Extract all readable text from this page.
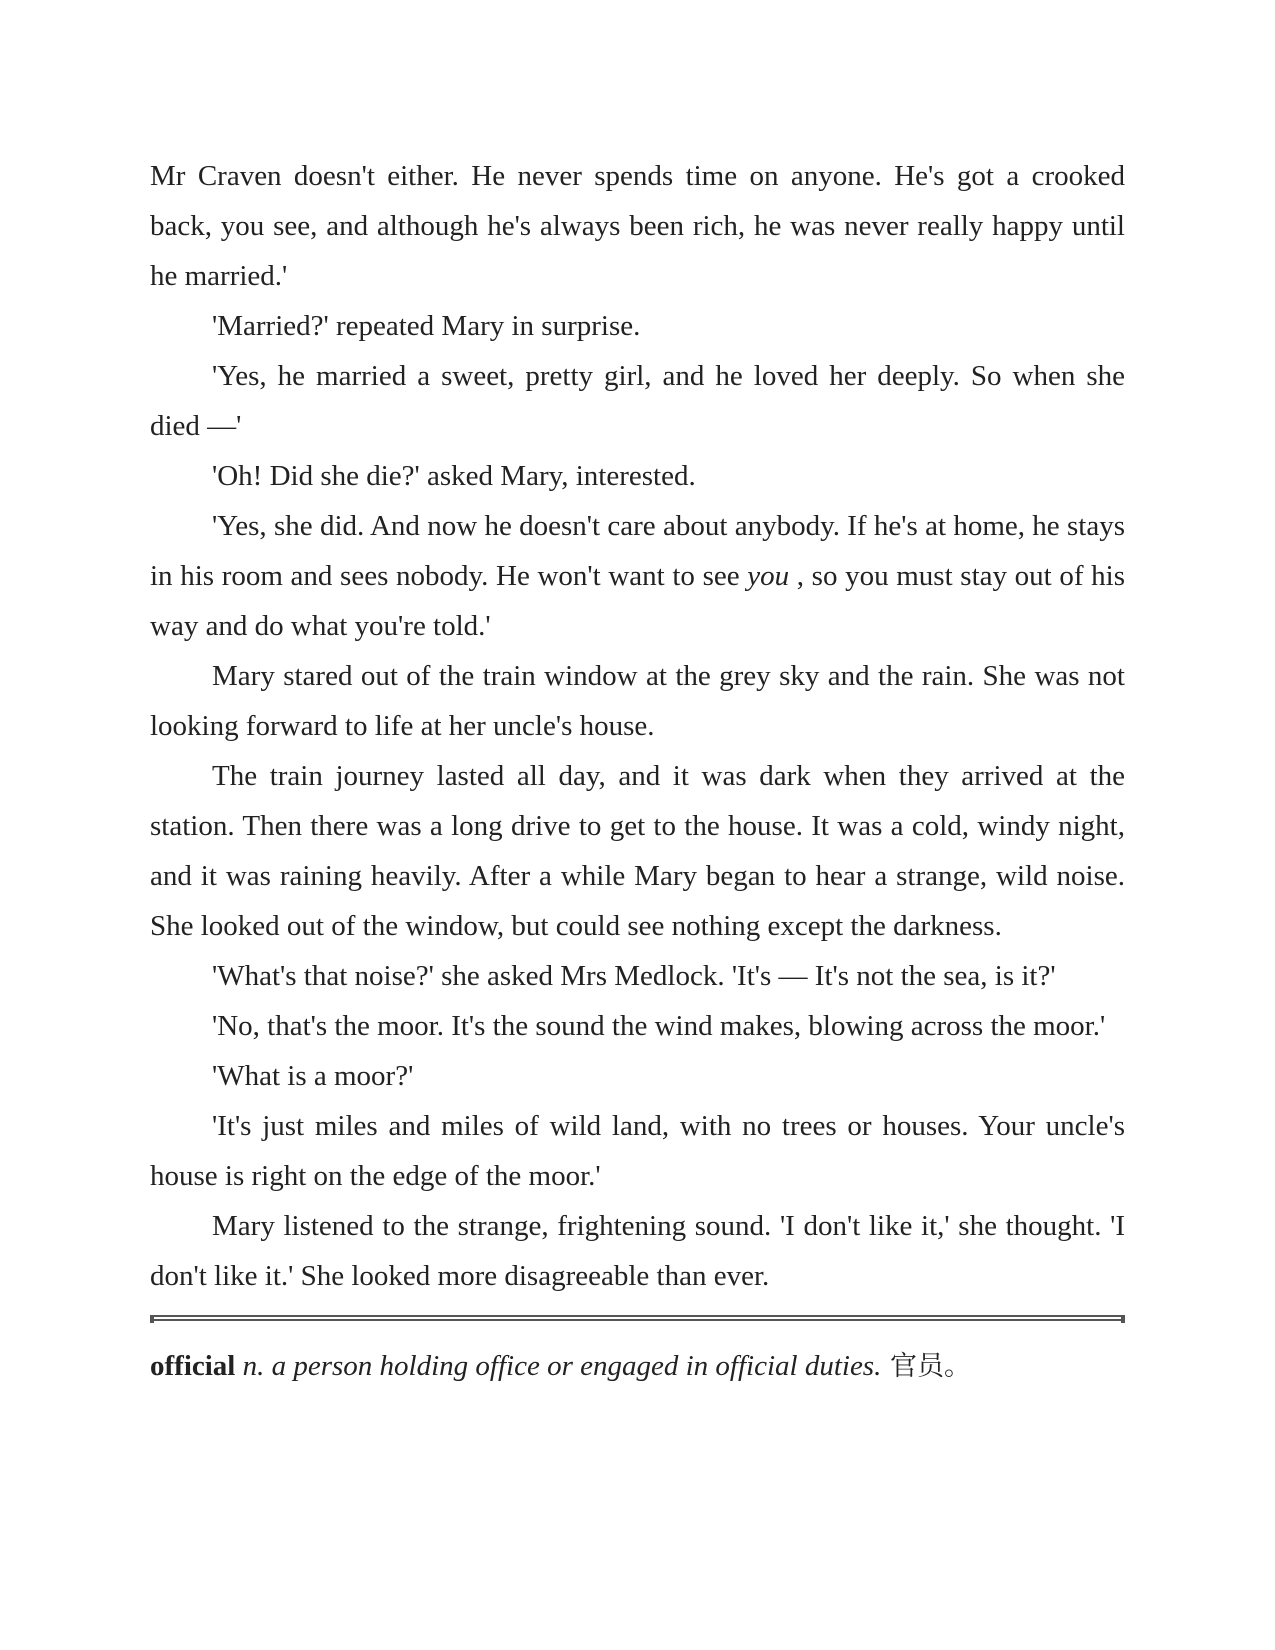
Mr Craven doesn't either. He never spends time on anyone. He's got a crooked back, you see, and although he's always been rich, he was never really happy until he married.'

'Married?' repeated Mary in surprise.

'Yes, he married a sweet, pretty girl, and he loved her deeply. So when she died —'

'Oh! Did she die?' asked Mary, interested.

'Yes, she did. And now he doesn't care about anybody. If he's at home, he stays in his room and sees nobody. He won't want to see you , so you must stay out of his way and do what you're told.'

Mary stared out of the train window at the grey sky and the rain. She was not looking forward to life at her uncle's house.

The train journey lasted all day, and it was dark when they arrived at the station. Then there was a long drive to get to the house. It was a cold, windy night, and it was raining heavily. After a while Mary began to hear a strange, wild noise. She looked out of the window, but could see nothing except the darkness.

'What's that noise?' she asked Mrs Medlock. 'It's — It's not the sea, is it?'

'No, that's the moor. It's the sound the wind makes, blowing across the moor.'

'What is a moor?'

'It's just miles and miles of wild land, with no trees or houses. Your uncle's house is right on the edge of the moor.'

Mary listened to the strange, frightening sound. 'I don't like it,' she thought. 'I don't like it.' She looked more disagreeable than ever.

official n. a person holding office or engaged in official duties. 官员。
